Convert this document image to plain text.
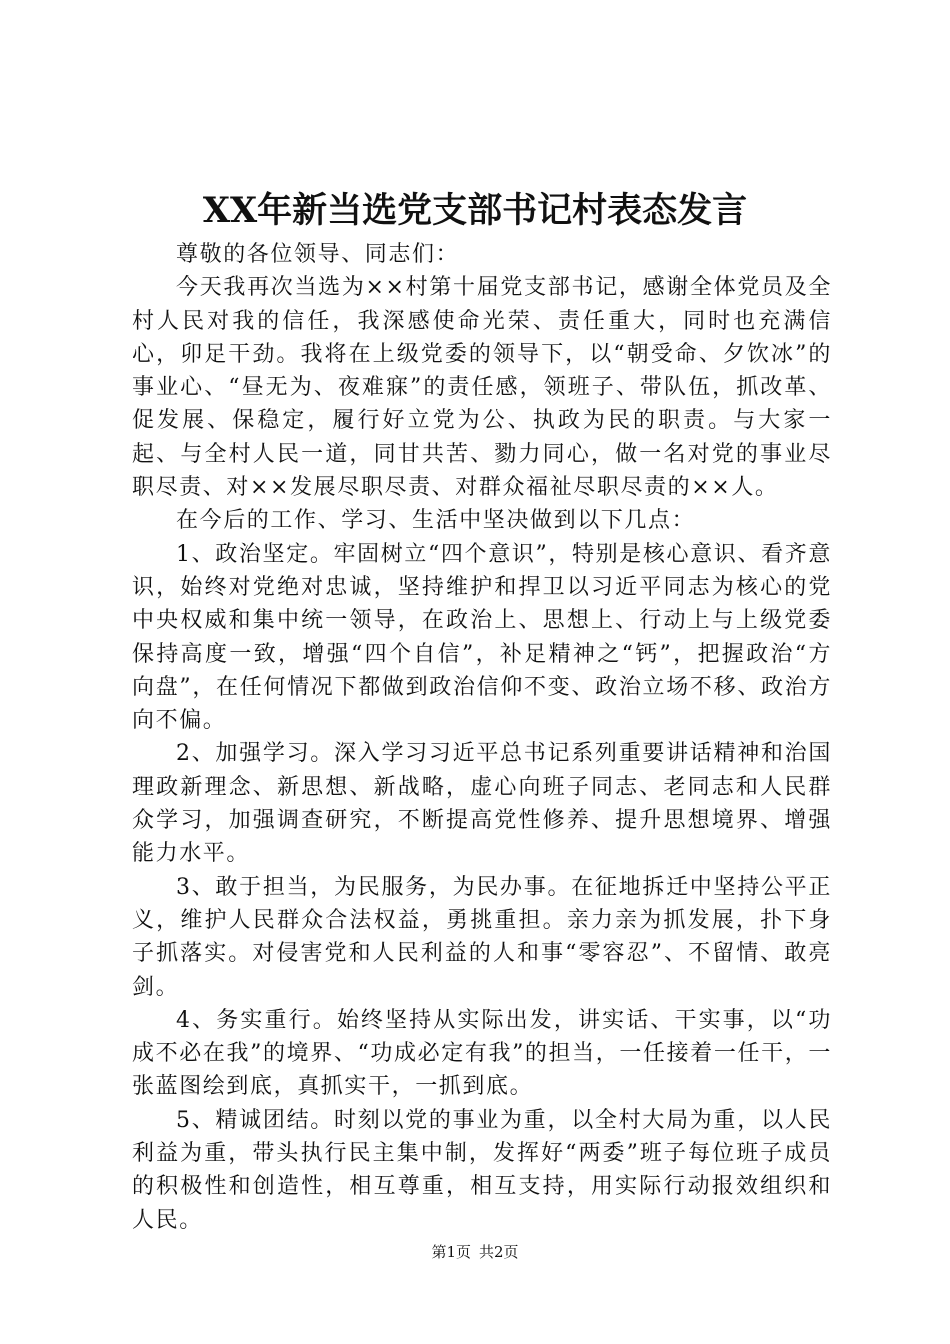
XX年新当选党支部书记村表态发言

尊敬的各位领导、同志们：

今天我再次当选为××村第十届党支部书记，感谢全体党员及全村人民对我的信任，我深感使命光荣、责任重大，同时也充满信心，卯足干劲。我将在上级党委的领导下，以“朝受命、夕饮冰”的事业心、“昼无为、夜难寐”的责任感，领班子、带队伍，抓改革、促发展、保稳定，履行好立党为公、执政为民的职责。与大家一起、与全村人民一道，同甘共苦、勠力同心，做一名对党的事业尽职尽责、对××发展尽职尽责、对群众福祉尽职尽责的××人。

在今后的工作、学习、生活中坚决做到以下几点：

1、政治坚定。牢固树立“四个意识”，特别是核心意识、看齐意识，始终对党绝对忠诚，坚持维护和捍卫以习近平同志为核心的党中央权威和集中统一领导，在政治上、思想上、行动上与上级党委保持高度一致，增强“四个自信”，补足精神之“钙”，把握政治“方向盘”，在任何情况下都做到政治信仰不变、政治立场不移、政治方向不偏。

2、加强学习。深入学习习近平总书记系列重要讲话精神和治国理政新理念、新思想、新战略，虚心向班子同志、老同志和人民群众学习，加强调查研究，不断提高党性修养、提升思想境界、增强能力水平。

3、敢于担当，为民服务，为民办事。在征地拆迁中坚持公平正义，维护人民群众合法权益，勇挑重担。亲力亲为抓发展，扑下身子抓落实。对侵害党和人民利益的人和事“零容忍”、不留情、敢亮剑。

4、务实重行。始终坚持从实际出发，讲实话、干实事，以“功成不必在我”的境界、“功成必定有我”的担当，一任接着一任干，一张蓝图绘到底，真抓实干，一抓到底。

5、精诚团结。时刻以党的事业为重，以全村大局为重，以人民利益为重，带头执行民主集中制，发挥好“两委”班子每位班子成员的积极性和创造性，相互尊重，相互支持，用实际行动报效组织和人民。

第1页 共2页
